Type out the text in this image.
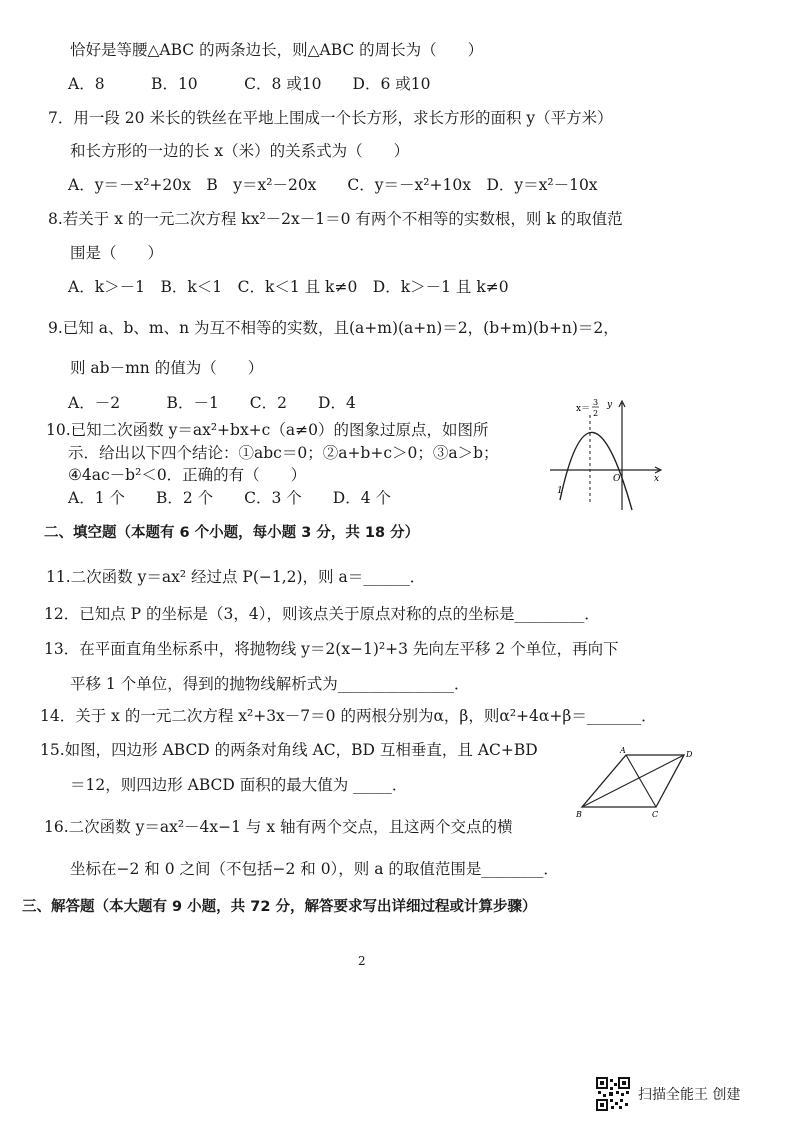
恰好是等腰△ABC 的两条边长，则△ABC 的周长为（　　）
A．8　　　B．10　　　C．8 或10　　D．6 或10
7．用一段 20 米长的铁丝在平地上围成一个长方形，求长方形的面积 y（平方米）
和长方形的一边的长 x（米）的关系式为（　　）
A．y＝－x²+20x　B　y＝x²－20x　　C．y＝－x²+10x　D．y＝x²－10x
8.若关于 x 的一元二次方程 kx²－2x－1＝0 有两个不相等的实数根，则 k 的取值范
围是（　　）
A．k＞－1　B．k＜1　C．k＜1 且 k≠0　D．k＞－1 且 k≠0
9.已知 a、b、m、n 为互不相等的实数，且(a+m)(a+n)＝2，(b+m)(b+n)＝2，
则 ab－mn 的值为（　　）
A．－2　　　B．－1　　C．2　　D．4
10.已知二次函数 y＝ax²+bx+c（a≠0）的图象过原点，如图所
示．给出以下四个结论：①abc＝0；②a+b+c＞0；③a＞b；
④4ac－b²＜0．正确的有（　　）
A．1 个　　B．2 个　　C．3 个　　D．4 个
二、填空题（本题有 6 个小题，每小题 3 分，共 18 分）
11.二次函数 y＝ax² 经过点 P(−1,2)，则 a＝______．
12．已知点 P 的坐标是（3，4），则该点关于原点对称的点的坐标是_________．
13．在平面直角坐标系中，将抛物线 y＝2(x−1)²+3 先向左平移 2 个单位，再向下
平移 1 个单位，得到的抛物线解析式为_______________．
14．关于 x 的一元二次方程 x²+3x－7＝0 的两根分别为α，β，则α²+4α+β＝_______．
15.如图，四边形 ABCD 的两条对角线 AC，BD 互相垂直，且 AC+BD
＝12，则四边形 ABCD 面积的最大值为 _____．
16.二次函数 y＝ax²－4x−1 与 x 轴有两个交点，且这两个交点的横
坐标在−2 和 0 之间（不包括−2 和 0），则 a 的取值范围是________．
三、解答题（本大题有 9 小题，共 72 分，解答要求写出详细过程或计算步骤）
x＝
3
2
y
x
O
1
A	D
B	C
2
扫描全能王 创建
